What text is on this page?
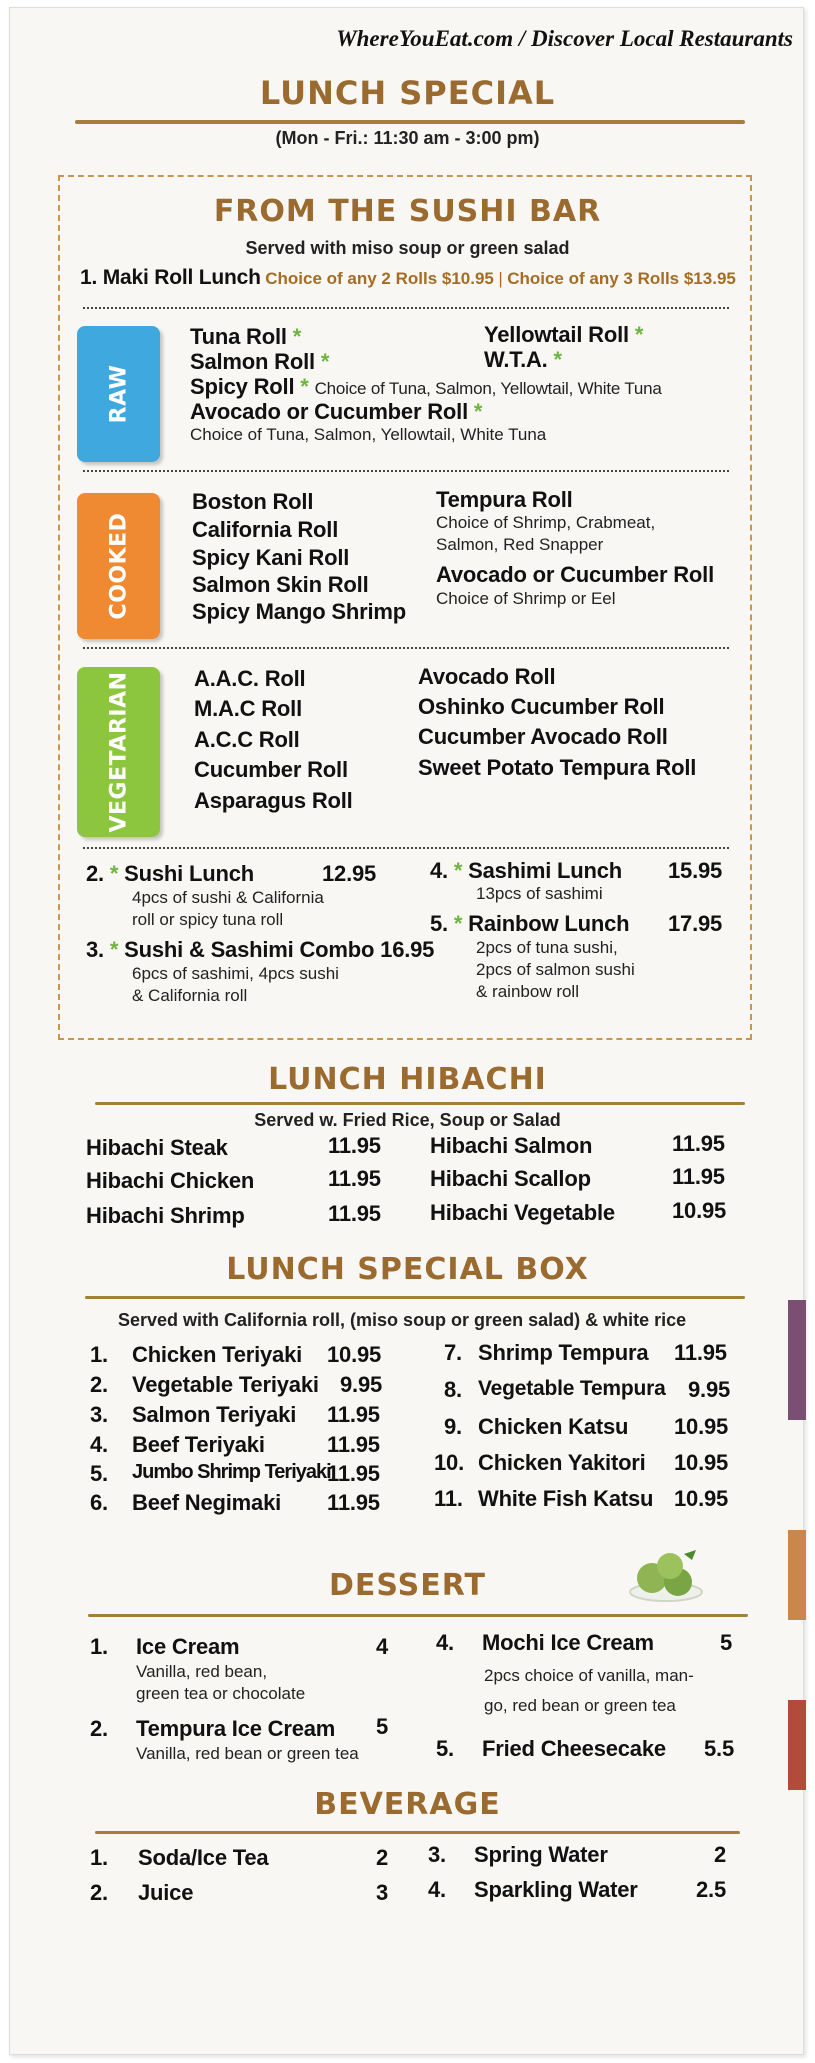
WhereYouEat.com / Discover Local Restaurants
LUNCH SPECIAL
(Mon - Fri.: 11:30 am - 3:00 pm)
FROM THE SUSHI BAR
Served with miso soup or green salad
1. Maki Roll Lunch Choice of any 2 Rolls $10.95 | Choice of any 3 Rolls $13.95
RAW
Tuna Roll *
Salmon Roll *
Spicy Roll * Choice of Tuna, Salmon, Yellowtail, White Tuna
Avocado or Cucumber Roll *
Choice of Tuna, Salmon, Yellowtail, White Tuna
Yellowtail Roll *
W.T.A. *
COOKED
Boston Roll
California Roll
Spicy Kani Roll
Salmon Skin Roll
Spicy Mango Shrimp
Tempura Roll
Choice of Shrimp, Crabmeat,
Salmon, Red Snapper
Avocado or Cucumber Roll
Choice of Shrimp or Eel
VEGETARIAN	A.A.C. Roll
M.A.C Roll
A.C.C Roll
Cucumber Roll
Asparagus Roll
Avocado Roll
Oshinko Cucumber Roll
Cucumber Avocado Roll
Sweet Potato Tempura Roll
2. * Sushi Lunch	12.95
4pcs of sushi & California
roll or spicy tuna roll
3. * Sushi & Sashimi Combo 16.95
6pcs of sashimi, 4pcs sushi
& California roll
4. * Sashimi Lunch 15.95
13pcs of sashimi
5. * Rainbow Lunch 17.95
2pcs of tuna sushi,
2pcs of salmon sushi
& rainbow roll
LUNCH HIBACHI
Served w. Fried Rice, Soup or Salad
Hibachi Steak	11.95
Hibachi Chicken	11.95
Hibachi Shrimp	11.95
Hibachi Salmon	11.95
Hibachi Scallop	11.95
Hibachi Vegetable	10.95
LUNCH SPECIAL BOX
Served with California roll, (miso soup or green salad) & white rice
1. Chicken Teriyaki 10.95
2. Vegetable Teriyaki 9.95
3. Salmon Teriyaki 11.95
4. Beef Teriyaki	11.95
5. Jumbo Shrimp Teriyaki
11.95
6. Beef Negimaki 11.95
7. Shrimp Tempura 11.95
8. Vegetable Tempura 9.95
9. Chicken Katsu 10.95
10. Chicken Yakitori 10.95
11. White Fish Katsu 10.95
DESSERT
1. Ice Cream	4
Vanilla, red bean,
green tea or chocolate
2. Tempura Ice Cream 5
Vanilla, red bean or green tea
4. Mochi Ice Cream	5
2pcs choice of vanilla, man-
go, red bean or green tea
5. Fried Cheesecake 5.5
BEVERAGE
1. Soda/Ice Tea	2
2. Juice	3
3. Spring Water	2
4. Sparkling Water	2.5
